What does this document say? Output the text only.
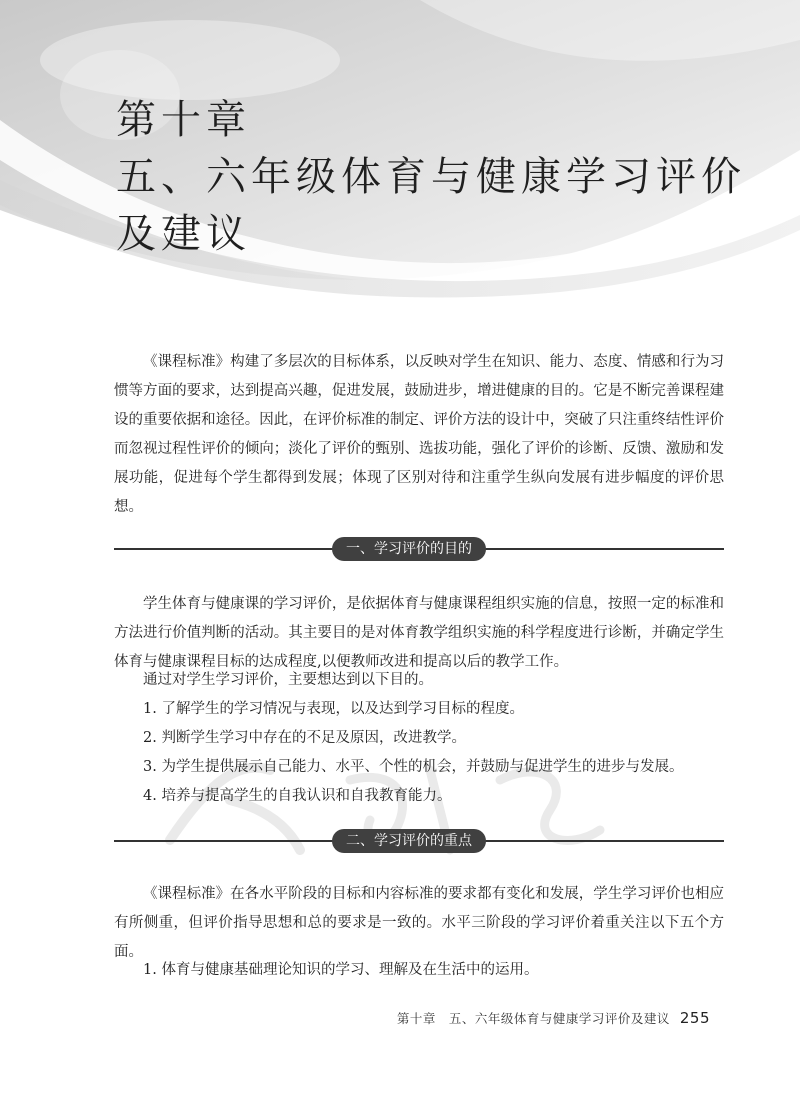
第十章
五、六年级体育与健康学习评价
及建议

《课程标准》构建了多层次的目标体系，以反映对学生在知识、能力、态度、情感和行为习惯等方面的要求，达到提高兴趣，促进发展，鼓励进步，增进健康的目的。它是不断完善课程建设的重要依据和途径。因此，在评价标准的制定、评价方法的设计中，突破了只注重终结性评价而忽视过程性评价的倾向；淡化了评价的甄别、选拔功能，强化了评价的诊断、反馈、激励和发展功能，促进每个学生都得到发展；体现了区别对待和注重学生纵向发展有进步幅度的评价思想。

一、学习评价的目的

学生体育与健康课的学习评价，是依据体育与健康课程组织实施的信息，按照一定的标准和方法进行价值判断的活动。其主要目的是对体育教学组织实施的科学程度进行诊断，并确定学生体育与健康课程目标的达成程度,以便教师改进和提高以后的教学工作。

通过对学生学习评价，主要想达到以下目的。

1. 了解学生的学习情况与表现，以及达到学习目标的程度。

2. 判断学生学习中存在的不足及原因，改进教学。

3. 为学生提供展示自己能力、水平、个性的机会，并鼓励与促进学生的进步与发展。

4. 培养与提高学生的自我认识和自我教育能力。

二、学习评价的重点

《课程标准》在各水平阶段的目标和内容标准的要求都有变化和发展，学生学习评价也相应有所侧重，但评价指导思想和总的要求是一致的。水平三阶段的学习评价着重关注以下五个方面。

1. 体育与健康基础理论知识的学习、理解及在生活中的运用。

第十章　五、六年级体育与健康学习评价及建议 255
